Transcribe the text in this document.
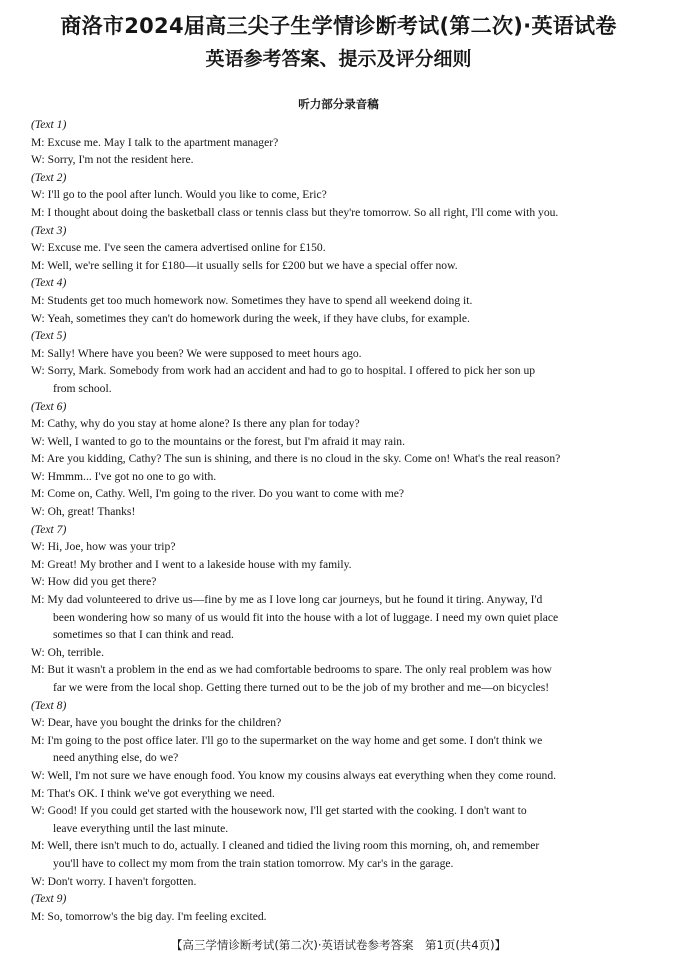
商洛市2024届高三尖子生学情诊断考试(第二次)·英语试卷
英语参考答案、提示及评分细则
听力部分录音稿
(Text 1)
M: Excuse me. May I talk to the apartment manager?
W: Sorry, I'm not the resident here.
(Text 2)
W: I'll go to the pool after lunch. Would you like to come, Eric?
M: I thought about doing the basketball class or tennis class but they're tomorrow. So all right, I'll come with you.
(Text 3)
W: Excuse me. I've seen the camera advertised online for £150.
M: Well, we're selling it for £180—it usually sells for £200 but we have a special offer now.
(Text 4)
M: Students get too much homework now. Sometimes they have to spend all weekend doing it.
W: Yeah, sometimes they can't do homework during the week, if they have clubs, for example.
(Text 5)
M: Sally! Where have you been? We were supposed to meet hours ago.
W: Sorry, Mark. Somebody from work had an accident and had to go to hospital. I offered to pick her son up
from school.
(Text 6)
M: Cathy, why do you stay at home alone? Is there any plan for today?
W: Well, I wanted to go to the mountains or the forest, but I'm afraid it may rain.
M: Are you kidding, Cathy? The sun is shining, and there is no cloud in the sky. Come on! What's the real reason?
W: Hmmm... I've got no one to go with.
M: Come on, Cathy. Well, I'm going to the river. Do you want to come with me?
W: Oh, great! Thanks!
(Text 7)
W: Hi, Joe, how was your trip?
M: Great! My brother and I went to a lakeside house with my family.
W: How did you get there?
M: My dad volunteered to drive us—fine by me as I love long car journeys, but he found it tiring. Anyway, I'd
been wondering how so many of us would fit into the house with a lot of luggage. I need my own quiet place
sometimes so that I can think and read.
W: Oh, terrible.
M: But it wasn't a problem in the end as we had comfortable bedrooms to spare. The only real problem was how
far we were from the local shop. Getting there turned out to be the job of my brother and me—on bicycles!
(Text 8)
W: Dear, have you bought the drinks for the children?
M: I'm going to the post office later. I'll go to the supermarket on the way home and get some. I don't think we
need anything else, do we?
W: Well, I'm not sure we have enough food. You know my cousins always eat everything when they come round.
M: That's OK. I think we've got everything we need.
W: Good! If you could get started with the housework now, I'll get started with the cooking. I don't want to
leave everything until the last minute.
M: Well, there isn't much to do, actually. I cleaned and tidied the living room this morning, oh, and remember
you'll have to collect my mom from the train station tomorrow. My car's in the garage.
W: Don't worry. I haven't forgotten.
(Text 9)
M: So, tomorrow's the big day. I'm feeling excited.
【高三学情诊断考试(第二次)·英语试卷参考答案　第1页(共4页)】
